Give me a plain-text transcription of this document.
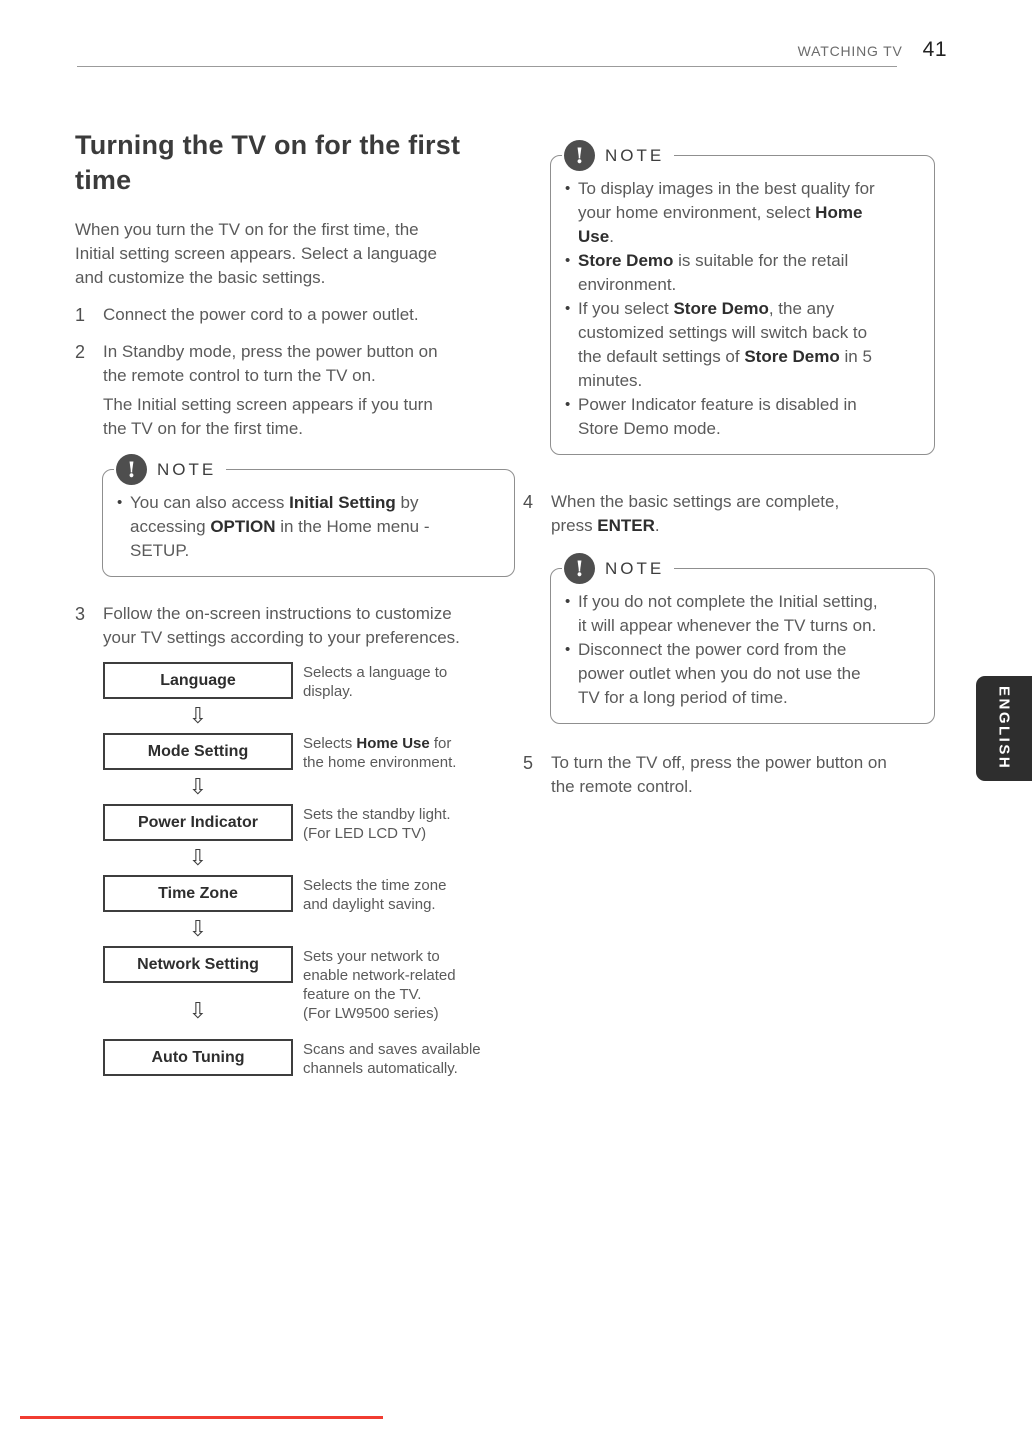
WATCHING TV 41
Turning the TV on for the first
time
When you turn the TV on for the first time, the
Initial setting screen appears. Select a language
and customize the basic settings.
1	Connect the power cord to a power outlet.
2	In Standby mode, press the power button on
the remote control to turn the TV on.
The Initial setting screen appears if you turn
the TV on for the first time.
!	NOTE
• You can also access Initial Setting by
accessing OPTION in the Home menu -
SETUP.
3	Follow the on-screen instructions to customize
your TV settings according to your preferences.
Language	Selects a language to
display.
⇩
Mode Setting	Selects Home Use for
the home environment.
⇩
Power Indicator	Sets the standby light.
(For LED LCD TV)
⇩
Time Zone	Selects the time zone
and daylight saving.
⇩
Network Setting	Sets your network to
enable network-related
feature on the TV.
(For LW9500 series)
⇩
Auto Tuning	Scans and saves available
channels automatically.
!	NOTE
• To display images in the best quality for
your home environment, select Home
Use.
• Store Demo is suitable for the retail
environment.
• If you select Store Demo, the any
customized settings will switch back to
the default settings of Store Demo in 5
minutes.
• Power Indicator feature is disabled in
Store Demo mode.
4	When the basic settings are complete,
press ENTER.
!	NOTE
• If you do not complete the Initial setting,
it will appear whenever the TV turns on.
• Disconnect the power cord from the
power outlet when you do not use the
TV for a long period of time.
5	To turn the TV off, press the power button on
the remote control.
ENGLISH
